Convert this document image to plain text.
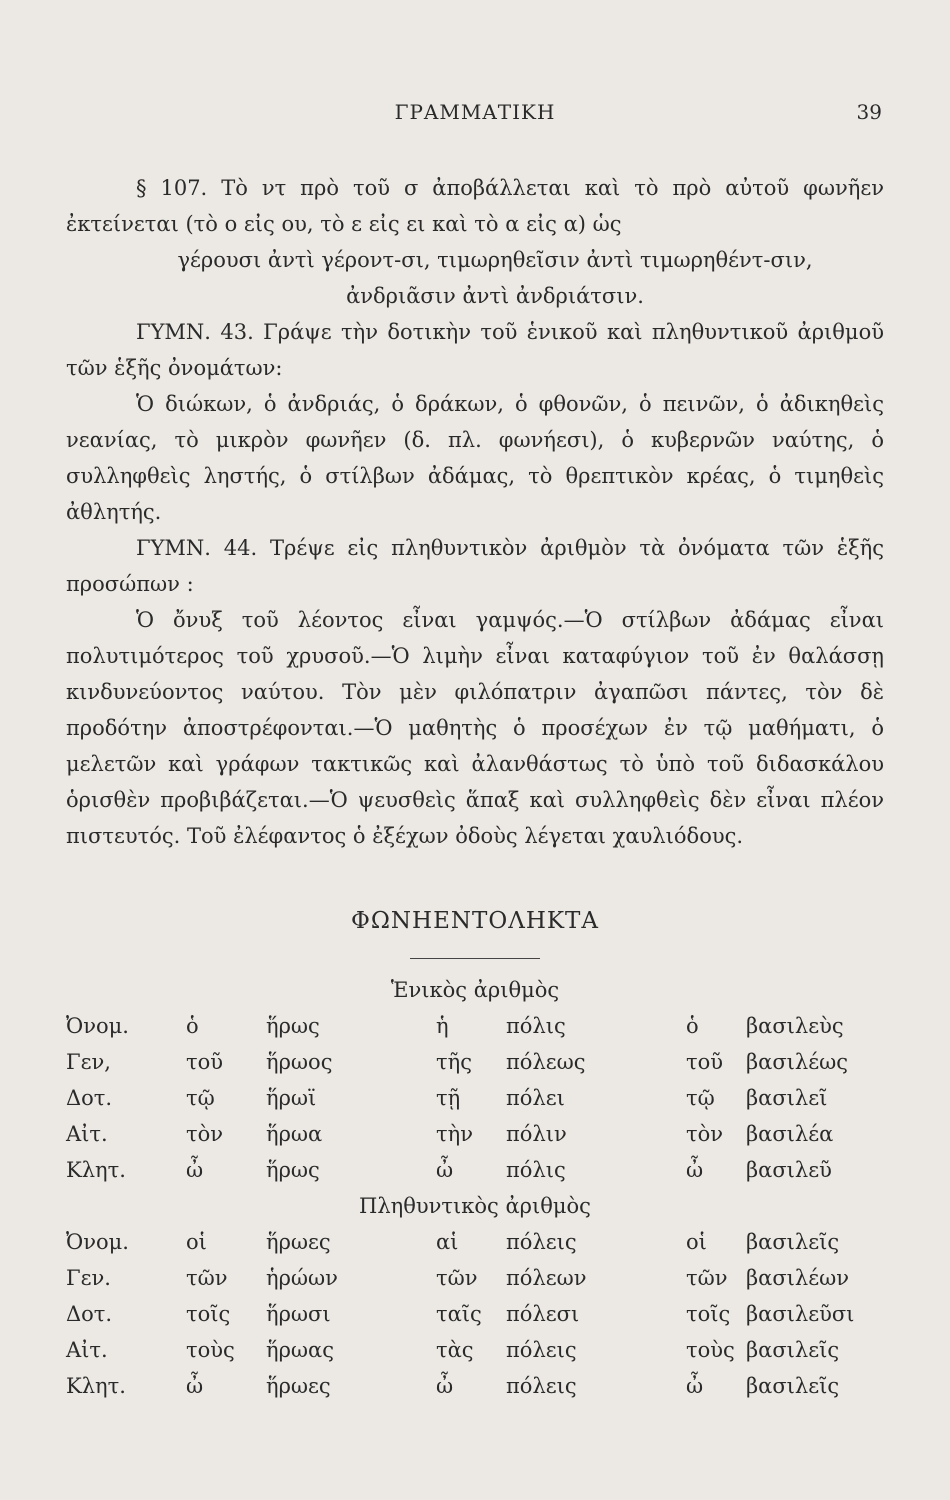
ΓΡΑΜΜΑΤΙΚΗ	39

§ 107. Τὸ ντ πρὸ τοῦ σ ἀποβάλλεται καὶ τὸ πρὸ αὐτοῦ φωνῆεν ἐκτείνεται (τὸ ο εἰς ου, τὸ ε εἰς ει καὶ τὸ α εἰς α) ὡς

γέρουσι ἀντὶ γέροντ-σι, τιμωρηθεῖσιν ἀντὶ τιμωρηθέντ-σιν,
ἀνδριᾶσιν ἀντὶ ἀνδριάτσιν.

ΓΥΜΝ. 43. Γράψε τὴν δοτικὴν τοῦ ἑνικοῦ καὶ πληθυντικοῦ ἀριθμοῦ τῶν ἑξῆς ὀνομάτων:

Ὁ διώκων, ὁ ἀνδριάς, ὁ δράκων, ὁ φθονῶν, ὁ πεινῶν, ὁ ἀδικηθεὶς νεανίας, τὸ μικρὸν φωνῆεν (δ. πλ. φωνήεσι), ὁ κυβερνῶν ναύτης, ὁ συλληφθεὶς ληστής, ὁ στίλβων ἀδάμας, τὸ θρεπτικὸν κρέας, ὁ τιμηθεὶς ἀθλητής.

ΓΥΜΝ. 44. Τρέψε εἰς πληθυντικὸν ἀριθμὸν τὰ ὀνόματα τῶν ἑξῆς προσώπων :

Ὁ ὄνυξ τοῦ λέοντος εἶναι γαμψός.—Ὁ στίλβων ἀδάμας εἶναι πολυτιμότερος τοῦ χρυσοῦ.—Ὁ λιμὴν εἶναι καταφύγιον τοῦ ἐν θαλάσσῃ κινδυνεύοντος ναύτου. Τὸν μὲν φιλόπατριν ἀγαπῶσι πάντες, τὸν δὲ προδότην ἀποστρέφονται.—Ὁ μαθητὴς ὁ προσέχων ἐν τῷ μαθήματι, ὁ μελετῶν καὶ γράφων τακτικῶς καὶ ἀλανθάστως τὸ ὑπὸ τοῦ διδασκάλου ὁρισθὲν προβιβάζεται.—Ὁ ψευσθεὶς ἅπαξ καὶ συλληφθεὶς δὲν εἶναι πλέον πιστευτός. Τοῦ ἐλέφαντος ὁ ἐξέχων ὀδοὺς λέγεται χαυλιόδους.

ΦΩΝΗΕΝΤΟΛΗΚΤΑ
Ἑνικὸς ἀριθμὸς
Ὀνομ.	ὁ	ἥρως	ἡ	πόλις	ὁ βασιλεὺς
Γεν,	τοῦ ἥρωος	τῆς πόλεως	τοῦ βασιλέως
Δοτ.	τῷ ἥρωϊ	τῇ πόλει	τῷ βασιλεῖ
Αἰτ.	τὸν ἥρωα	τὴν πόλιν	τὸν βασιλέα
Κλητ.	ὦ	ἥρως	ὦ	πόλις	ὦ βασιλεῦ
Πληθυντικὸς ἀριθμὸς
Ὀνομ.	οἱ	ἥρωες	αἱ πόλεις	οἱ βασιλεῖς
Γεν.	τῶν ἡρώων	τῶν πόλεων	τῶν βασιλέων
Δοτ.	τοῖς ἥρωσι	ταῖς πόλεσι	τοῖς βασιλεῦσι
Αἰτ.	τοὺς ἥρωας	τὰς πόλεις	τοὺς βασιλεῖς
Κλητ.	ὦ	ἥρωες	ὦ	πόλεις	ὦ βασιλεῖς
